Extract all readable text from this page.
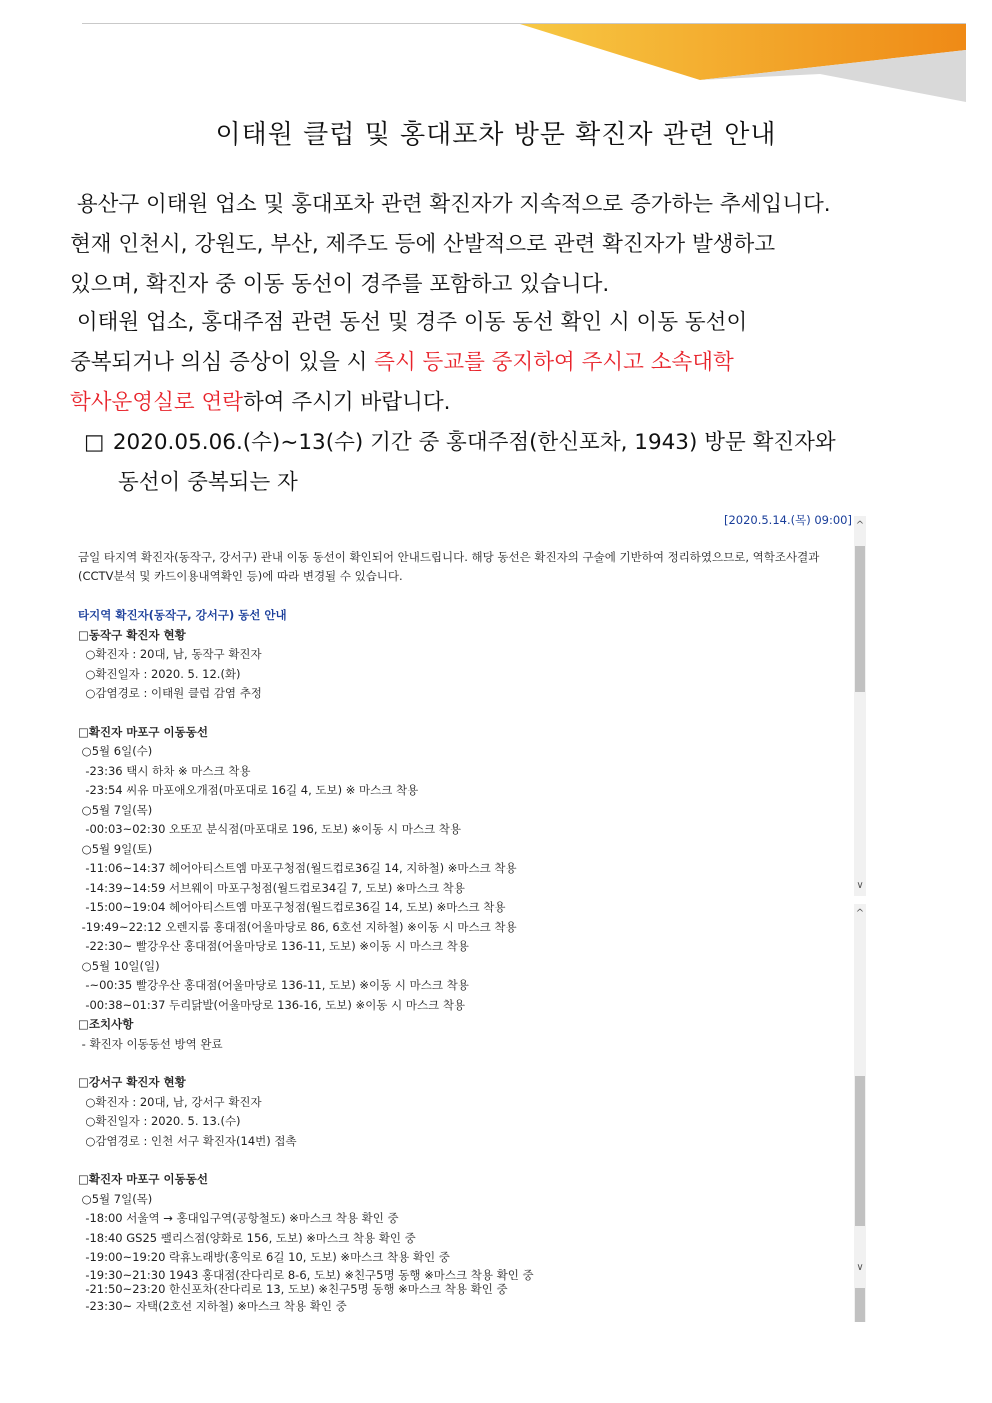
이태원 클럽 및 홍대포차 방문 확진자 관련 안내
용산구 이태원 업소 및 홍대포차 관련 확진자가 지속적으로 증가하는 추세입니다.
현재 인천시, 강원도, 부산, 제주도 등에 산발적으로 관련 확진자가 발생하고
있으며, 확진자 중 이동 동선이 경주를 포함하고 있습니다.
이태원 업소, 홍대주점 관련 동선 및 경주 이동 동선 확인 시 이동 동선이
중복되거나 의심 증상이 있을 시 즉시 등교를 중지하여 주시고 소속대학
학사운영실로 연락하여 주시기 바랍니다.
□ 2020.05.06.(수)~13(수) 기간 중 홍대주점(한신포차, 1943) 방문 확진자와
동선이 중복되는 자
[2020.5.14.(목) 09:00]
금일 타지역 확진자(동작구, 강서구) 관내 이동 동선이 확인되어 안내드립니다. 해당 동선은 확진자의 구술에 기반하여 정리하였으므로, 역학조사결과(CCTV분석 및 카드이용내역확인 등)에 따라 변경될 수 있습니다.
타지역 확진자(동작구, 강서구) 동선 안내
□동작구 확진자 현황
○확진자 : 20대, 남, 동작구 확진자
○확진일자 : 2020. 5. 12.(화)
○감염경로 : 이태원 클럽 감염 추정
□확진자 마포구 이동동선
○5월 6일(수)
-23:36 택시 하차 ※ 마스크 착용
-23:54 씨유 마포애오개점(마포대로 16길 4, 도보) ※ 마스크 착용
○5월 7일(목)
-00:03~02:30 오또꼬 분식점(마포대로 196, 도보) ※이동 시 마스크 착용
○5월 9일(토)
-11:06~14:37 헤어아티스트엠 마포구청점(월드컵로36길 14, 지하철) ※마스크 착용
-14:39~14:59 서브웨이 마포구청점(월드컵로34길 7, 도보) ※마스크 착용
-15:00~19:04 헤어아티스트엠 마포구청점(월드컵로36길 14, 도보) ※마스크 착용
-19:49~22:12 오렌지룸 홍대점(어울마당로 86, 6호선 지하철) ※이동 시 마스크 착용
-22:30~ 빨강우산 홍대점(어울마당로 136-11, 도보) ※이동 시 마스크 착용
○5월 10일(일)
-~00:35 빨강우산 홍대점(어울마당로 136-11, 도보) ※이동 시 마스크 착용
-00:38~01:37 두리닭발(어울마당로 136-16, 도보) ※이동 시 마스크 착용
□조치사항
- 확진자 이동동선 방역 완료
□강서구 확진자 현황
○확진자 : 20대, 남, 강서구 확진자
○확진일자 : 2020. 5. 13.(수)
○감염경로 : 인천 서구 확진자(14번) 접촉
□확진자 마포구 이동동선
○5월 7일(목)
-18:00 서울역 → 홍대입구역(공항철도) ※마스크 착용 확인 중
-18:40 GS25 팰리스점(양화로 156, 도보) ※마스크 착용 확인 중
-19:00~19:20 락휴노래방(홍익로 6길 10, 도보) ※마스크 착용 확인 중
-19:30~21:30 1943 홍대점(잔다리로 8-6, 도보) ※친구5명 동행 ※마스크 착용 확인 중
-21:50~23:20 한신포차(잔다리로 13, 도보) ※친구5명 동행 ※마스크 착용 확인 중
-23:30~ 자택(2호선 지하철) ※마스크 착용 확인 중
^
∨
^
∨
